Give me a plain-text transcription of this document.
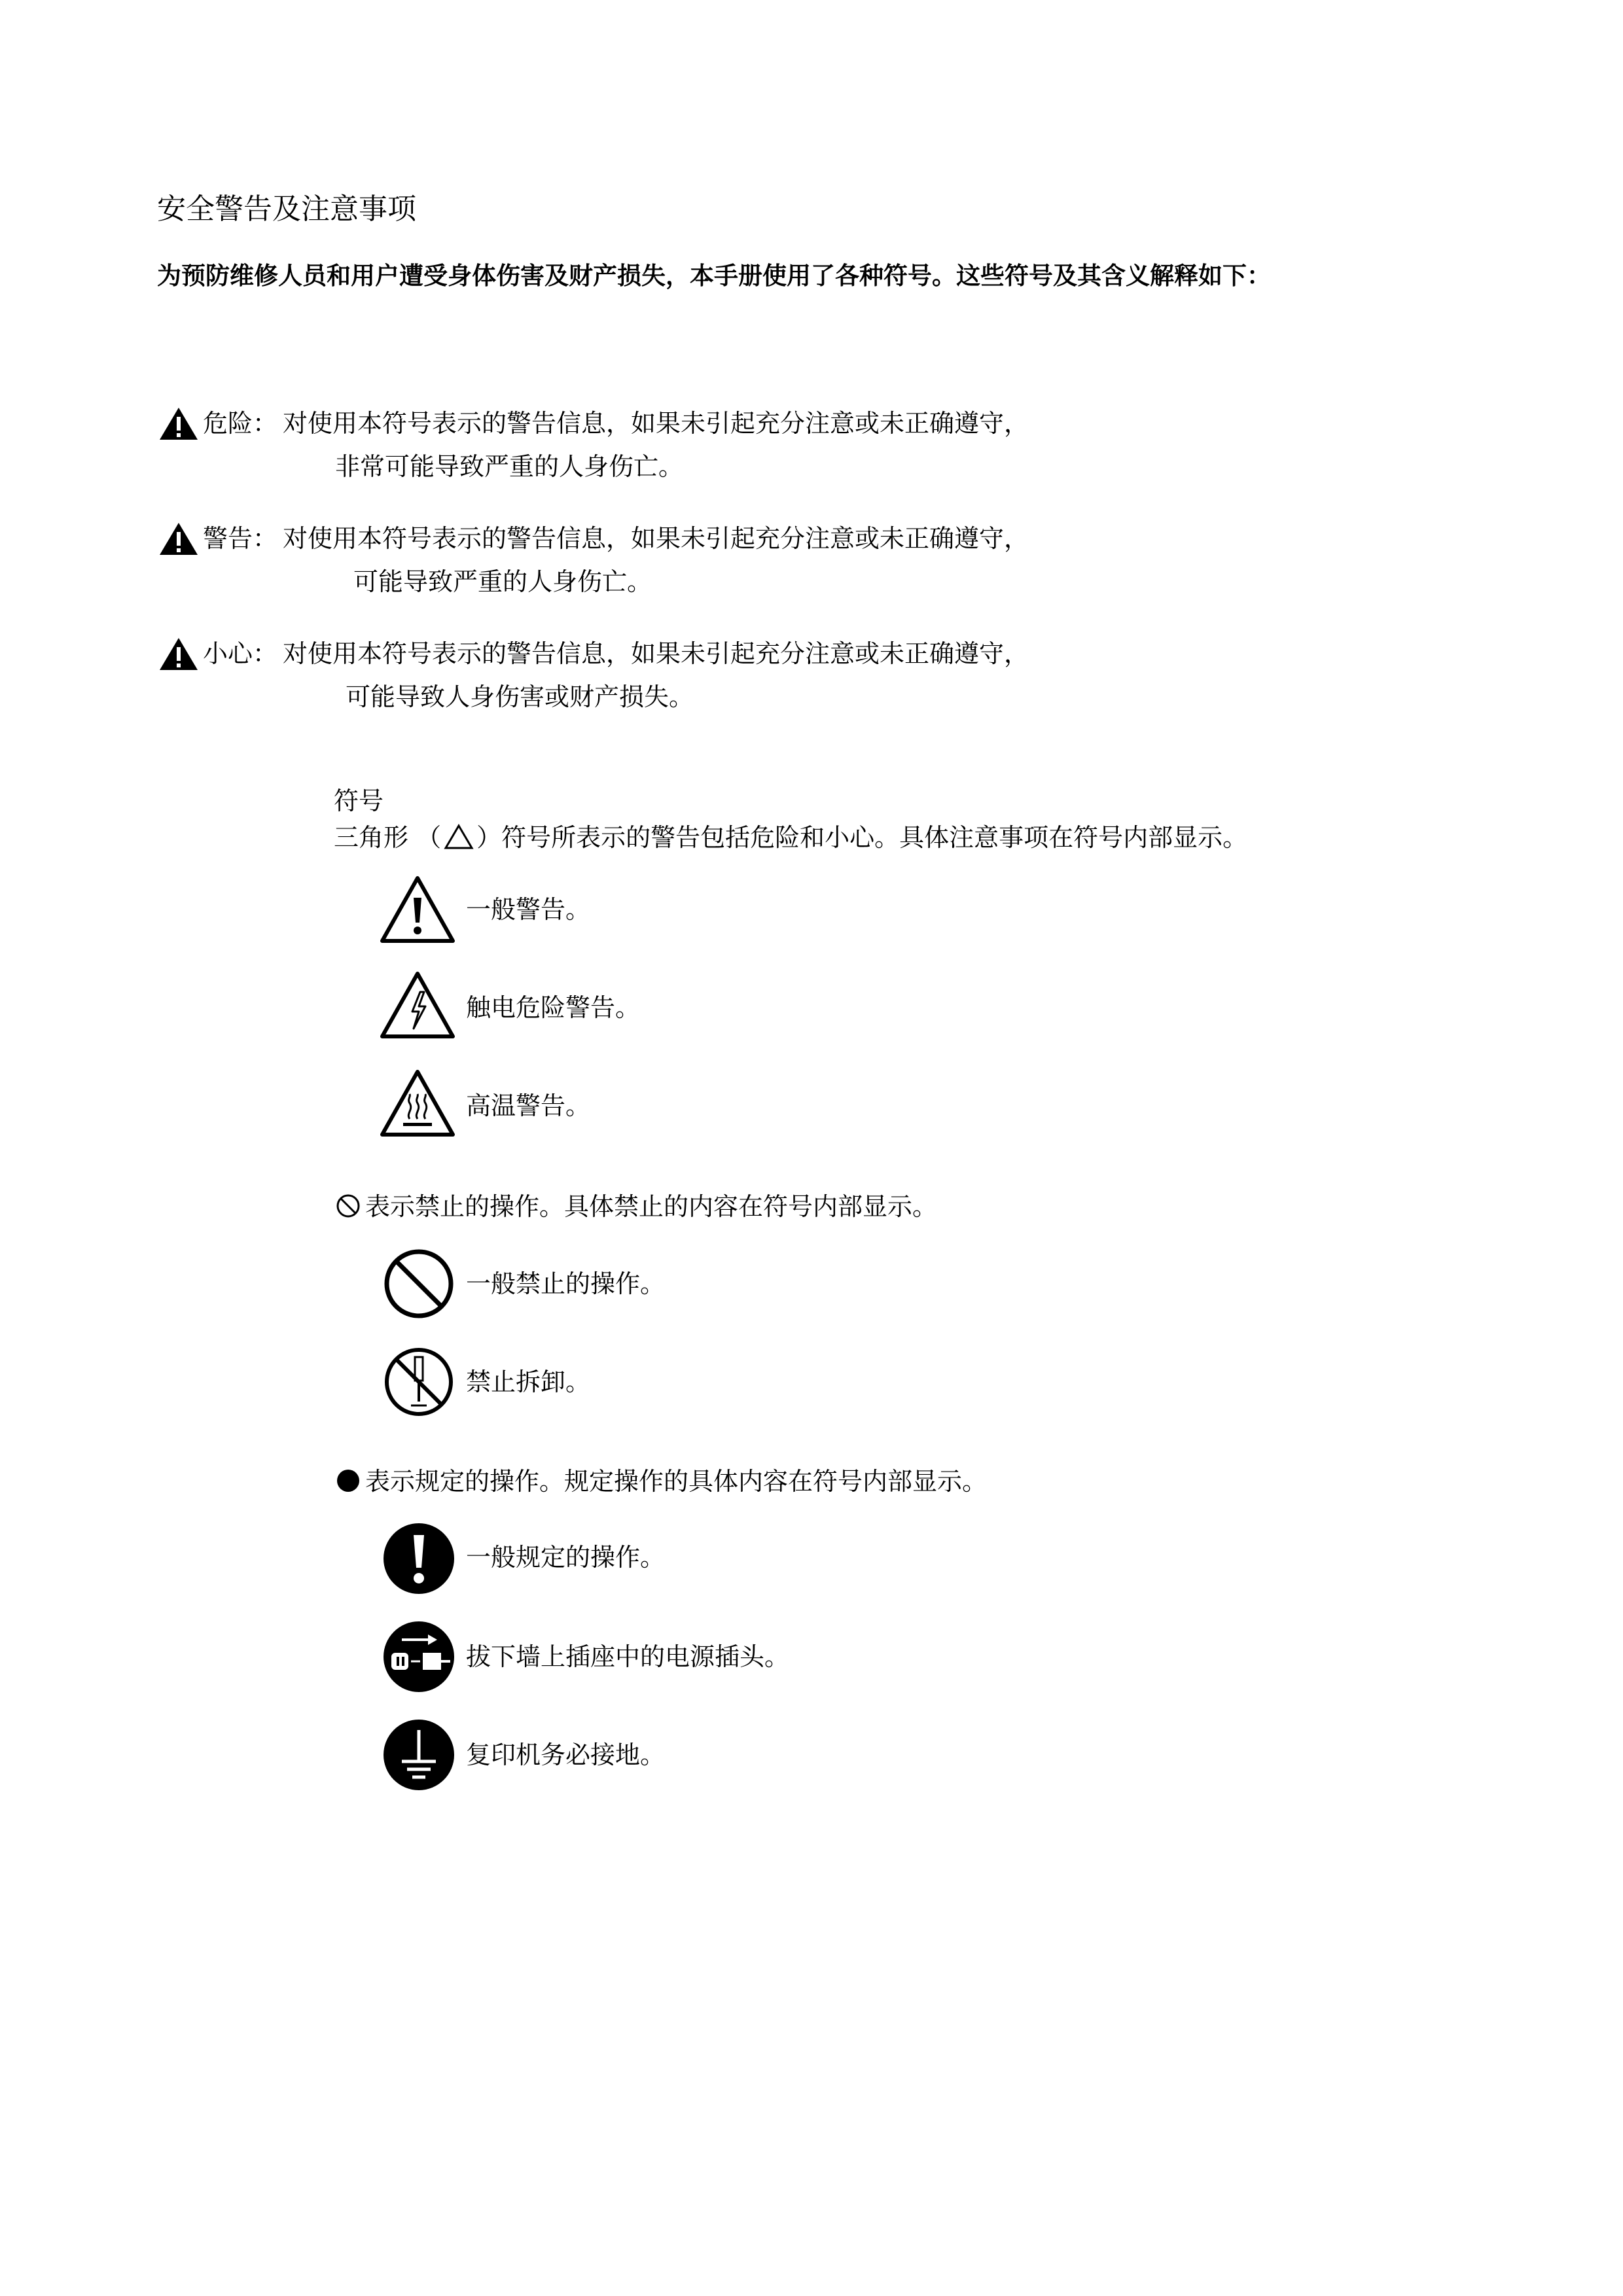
安全警告及注意事项
为预防维修人员和用户遭受身体伤害及财产损失，本手册使用了各种符号。这些符号及其含义解释如下：
危险： 对使用本符号表示的警告信息，如果未引起充分注意或未正确遵守，
非常可能导致严重的人身伤亡。
警告： 对使用本符号表示的警告信息，如果未引起充分注意或未正确遵守，
可能导致严重的人身伤亡。
小心： 对使用本符号表示的警告信息，如果未引起充分注意或未正确遵守，
可能导致人身伤害或财产损失。
符号
三角形 （ ）符号所表示的警告包括危险和小心。具体注意事项在符号内部显示。
一般警告。
触电危险警告。
高温警告。
表示禁止的操作。具体禁止的内容在符号内部显示。
一般禁止的操作。
禁止拆卸。
表示规定的操作。规定操作的具体内容在符号内部显示。
一般规定的操作。
拔下墙上插座中的电源插头。
复印机务必接地。
